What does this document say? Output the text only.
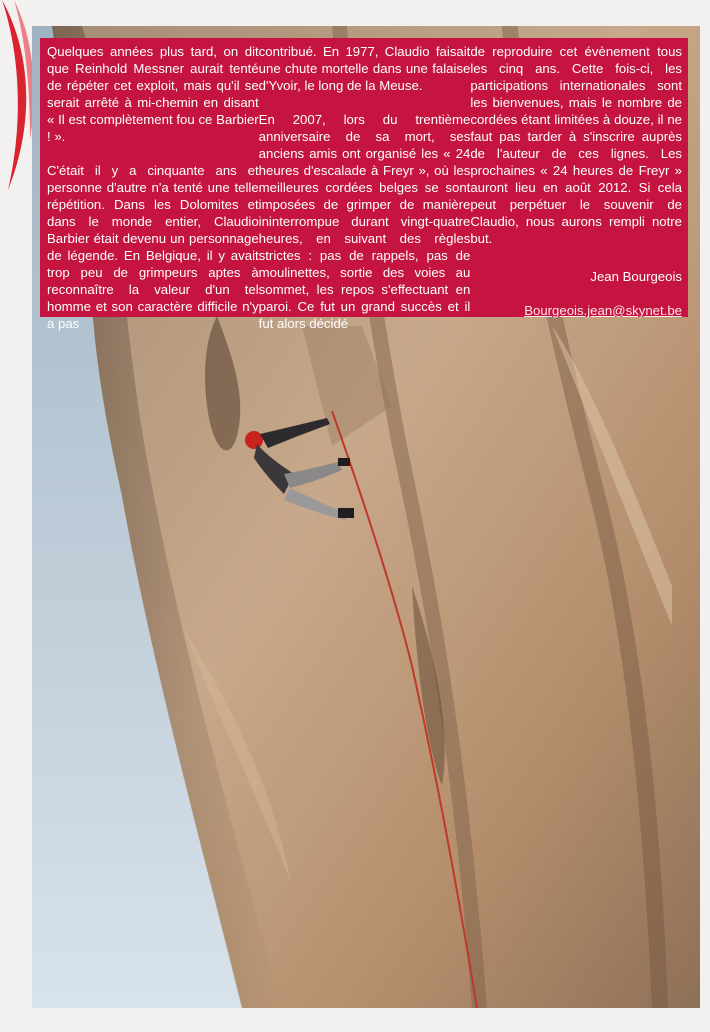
Quelques années plus tard, on dit que Reinhold Messner aurait tenté de répéter cet exploit, mais qu'il se serait arrêté à mi-chemin en disant « Il est complètement fou ce Barbier ! ».

C'était il y a cinquante ans et personne d'autre n'a tenté une telle répétition. Dans les Dolomites et dans le monde entier, Claudio Barbier était devenu un personnage de légende. En Belgique, il y avait trop peu de grimpeurs aptes à reconnaître la valeur d'un tel homme et son caractère difficile n'y a pas

contribué. En 1977, Claudio faisait une chute mortelle dans une falaise d'Yvoir, le long de la Meuse.

En 2007, lors du trentième anniversaire de sa mort, ses anciens amis ont organisé les « 24 heures d'escalade à Freyr », où les meilleures cordées belges se sont imposées de grimper de manière ininterrompue durant vingt-quatre heures, en suivant des règles strictes : pas de rappels, pas de moulinettes, sortie des voies au sommet, les repos s'effectuant en paroi. Ce fut un grand succès et il fut alors décidé

de reproduire cet évènement tous les cinq ans. Cette fois-ci, les participations internationales sont les bienvenues, mais le nombre de cordées étant limitées à douze, il ne faut pas tarder à s'inscrire auprès de l'auteur de ces lignes. Les prochaines « 24 heures de Freyr » auront lieu en août 2012. Si cela peut perpétuer le souvenir de Claudio, nous aurons rempli notre but.

Jean Bourgeois
Bourgeois.jean@skynet.be
